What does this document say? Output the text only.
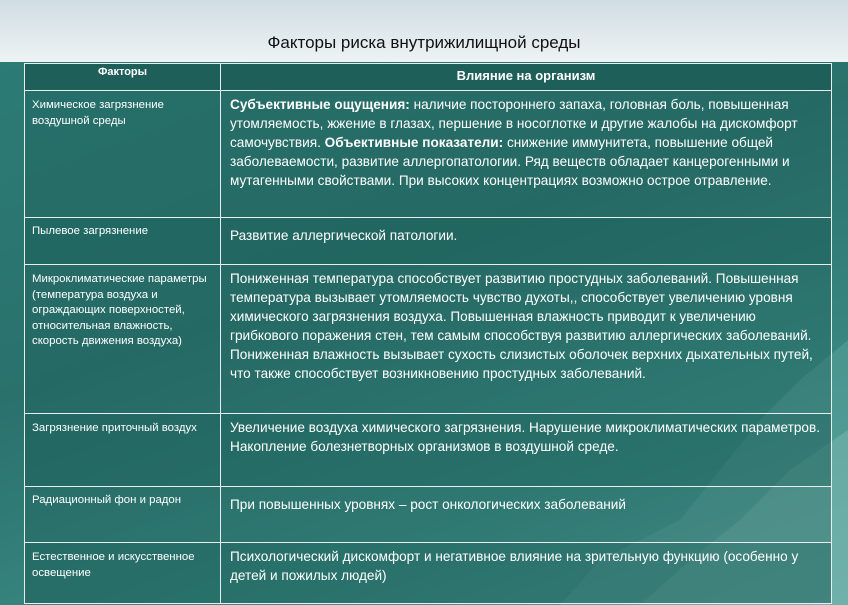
Факторы риска внутрижилищной среды
Факторы	Влияние на организм
Химическое загрязнение воздушной среды	Субъективные ощущения: наличие постороннего запаха, головная боль, повышенная утомляемость, жжение в глазах, першение в носоглотке и другие жалобы на дискомфорт самочувствия. Объективные показатели: снижение иммунитета, повышение общей заболеваемости, развитие аллергопатологии. Ряд веществ обладает канцерогенными и мутагенными свойствами. При высоких концентрациях возможно острое отравление.
Пылевое загрязнение	Развитие аллергической патологии.
Микроклиматические параметры (температура воздуха и ограждающих поверхностей, относительная влажность, скорость движения воздуха)	Пониженная температура способствует развитию простудных заболеваний. Повышенная температура вызывает утомляемость чувство духоты,, способствует увеличению уровня химического загрязнения воздуха. Повышенная влажность приводит к увеличению грибкового поражения стен, тем самым способствуя развитию аллергических заболеваний. Пониженная влажность вызывает сухость слизистых оболочек верхних дыхательных путей, что также способствует возникновению простудных заболеваний.
Загрязнение приточный воздух	Увеличение воздуха химического загрязнения. Нарушение микроклиматических параметров. Накопление болезнетворных организмов в воздушной среде.
Радиационный фон и радон	При повышенных уровнях – рост онкологических заболеваний
Естественное и искусственное освещение	Психологический дискомфорт и негативное влияние на зрительную функцию (особенно у детей и пожилых людей)
